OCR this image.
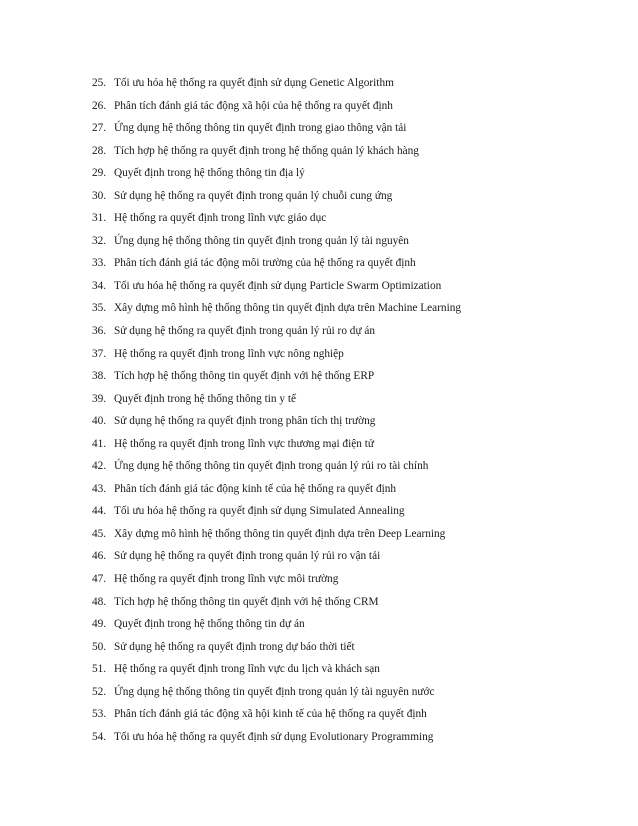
25. Tối ưu hóa hệ thống ra quyết định sử dụng Genetic Algorithm
26. Phân tích đánh giá tác động xã hội của hệ thống ra quyết định
27. Ứng dụng hệ thống thông tin quyết định trong giao thông vận tải
28. Tích hợp hệ thống ra quyết định trong hệ thống quản lý khách hàng
29. Quyết định trong hệ thống thông tin địa lý
30. Sử dụng hệ thống ra quyết định trong quản lý chuỗi cung ứng
31. Hệ thống ra quyết định trong lĩnh vực giáo dục
32. Ứng dụng hệ thống thông tin quyết định trong quản lý tài nguyên
33. Phân tích đánh giá tác động môi trường của hệ thống ra quyết định
34. Tối ưu hóa hệ thống ra quyết định sử dụng Particle Swarm Optimization
35. Xây dựng mô hình hệ thống thông tin quyết định dựa trên Machine Learning
36. Sử dụng hệ thống ra quyết định trong quản lý rủi ro dự án
37. Hệ thống ra quyết định trong lĩnh vực nông nghiệp
38. Tích hợp hệ thống thông tin quyết định với hệ thống ERP
39. Quyết định trong hệ thống thông tin y tế
40. Sử dụng hệ thống ra quyết định trong phân tích thị trường
41. Hệ thống ra quyết định trong lĩnh vực thương mại điện tử
42. Ứng dụng hệ thống thông tin quyết định trong quản lý rủi ro tài chính
43. Phân tích đánh giá tác động kinh tế của hệ thống ra quyết định
44. Tối ưu hóa hệ thống ra quyết định sử dụng Simulated Annealing
45. Xây dựng mô hình hệ thống thông tin quyết định dựa trên Deep Learning
46. Sử dụng hệ thống ra quyết định trong quản lý rủi ro vận tải
47. Hệ thống ra quyết định trong lĩnh vực môi trường
48. Tích hợp hệ thống thông tin quyết định với hệ thống CRM
49. Quyết định trong hệ thống thông tin dự án
50. Sử dụng hệ thống ra quyết định trong dự báo thời tiết
51. Hệ thống ra quyết định trong lĩnh vực du lịch và khách sạn
52. Ứng dụng hệ thống thông tin quyết định trong quản lý tài nguyên nước
53. Phân tích đánh giá tác động xã hội kinh tế của hệ thống ra quyết định
54. Tối ưu hóa hệ thống ra quyết định sử dụng Evolutionary Programming
